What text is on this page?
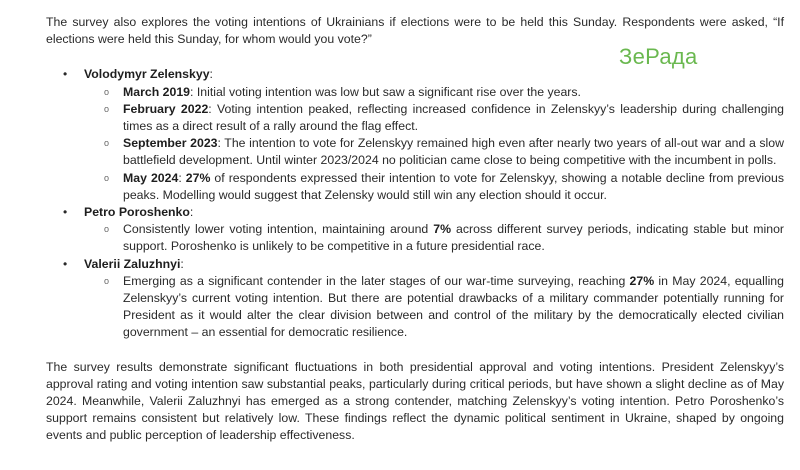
ЗеРада

The survey also explores the voting intentions of Ukrainians if elections were to be held this Sunday. Respondents were asked, “If elections were held this Sunday, for whom would you vote?”

• Volodymyr Zelenskyy:
o March 2019: Initial voting intention was low but saw a significant rise over the years.
o February 2022: Voting intention peaked, reflecting increased confidence in Zelenskyy’s leadership during challenging times as a direct result of a rally around the flag effect.
o September 2023: The intention to vote for Zelenskyy remained high even after nearly two years of all-out war and a slow battlefield development. Until winter 2023/2024 no politician came close to being competitive with the incumbent in polls.
o May 2024: 27% of respondents expressed their intention to vote for Zelenskyy, showing a notable decline from previous peaks. Modelling would suggest that Zelensky would still win any election should it occur.
• Petro Poroshenko:
o Consistently lower voting intention, maintaining around 7% across different survey periods, indicating stable but minor support. Poroshenko is unlikely to be competitive in a future presidential race.
• Valerii Zaluzhnyi:
o Emerging as a significant contender in the later stages of our war-time surveying, reaching 27% in May 2024, equalling Zelenskyy’s current voting intention. But there are potential drawbacks of a military commander potentially running for President as it would alter the clear division between and control of the military by the democratically elected civilian government – an essential for democratic resilience.

The survey results demonstrate significant fluctuations in both presidential approval and voting intentions. President Zelenskyy’s approval rating and voting intention saw substantial peaks, particularly during critical periods, but have shown a slight decline as of May 2024. Meanwhile, Valerii Zaluzhnyi has emerged as a strong contender, matching Zelenskyy’s voting intention. Petro Poroshenko’s support remains consistent but relatively low. These findings reflect the dynamic political sentiment in Ukraine, shaped by ongoing events and public perception of leadership effectiveness.
